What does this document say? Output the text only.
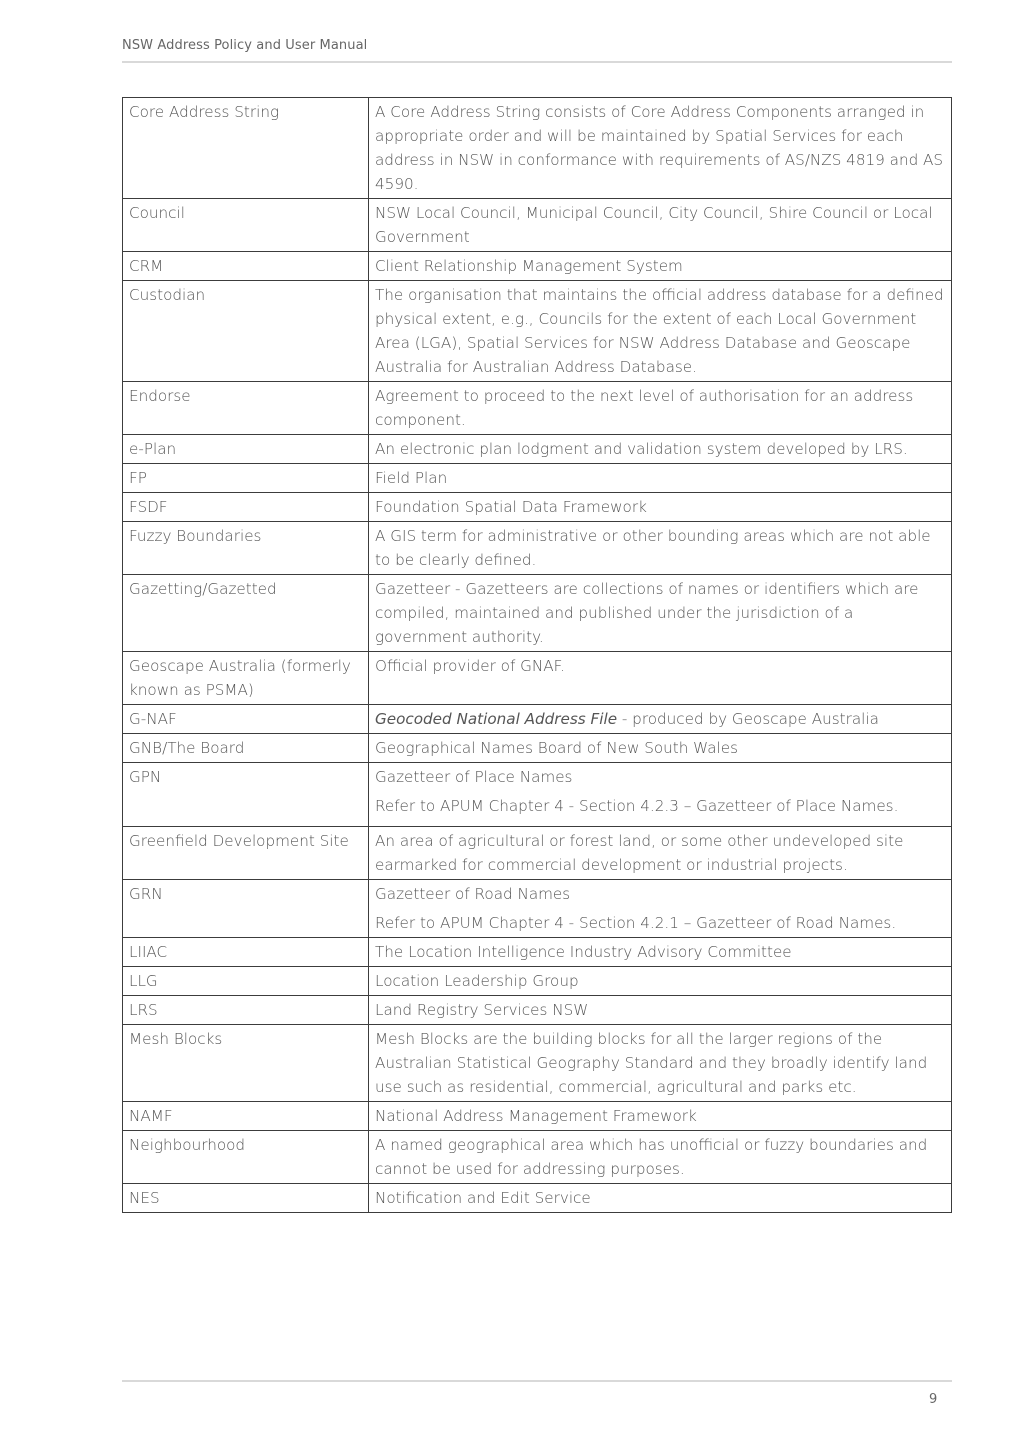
NSW Address Policy and User Manual
Core Address String	A Core Address String consists of Core Address Components arranged in appropriate order and will be maintained by Spatial Services for each address in NSW in conformance with requirements of AS/NZS 4819 and AS 4590.

Council	NSW Local Council, Municipal Council, City Council, Shire Council or Local Government

CRM	Client Relationship Management System

Custodian	The organisation that maintains the official address database for a defined physical extent, e.g., Councils for the extent of each Local Government Area (LGA), Spatial Services for NSW Address Database and Geoscape Australia for Australian Address Database.

Endorse	Agreement to proceed to the next level of authorisation for an address component.

e-Plan	An electronic plan lodgment and validation system developed by LRS.

FP	Field Plan

FSDF	Foundation Spatial Data Framework

Fuzzy Boundaries	A GIS term for administrative or other bounding areas which are not able to be clearly defined.

Gazetting/Gazetted	Gazetteer - Gazetteers are collections of names or identifiers which are compiled, maintained and published under the jurisdiction of a government authority.

Geoscape Australia (formerly known as PSMA)	Official provider of GNAF.

G-NAF	Geocoded National Address File - produced by Geoscape Australia

GNB/The Board	Geographical Names Board of New South Wales

GPN	Gazetteer of Place Names

Refer to APUM Chapter 4 - Section 4.2.3 – Gazetteer of Place Names.

Greenfield Development Site	An area of agricultural or forest land, or some other undeveloped site earmarked for commercial development or industrial projects.

GRN	Gazetteer of Road Names

Refer to APUM Chapter 4 - Section 4.2.1 – Gazetteer of Road Names.

LIIAC	The Location Intelligence Industry Advisory Committee

LLG	Location Leadership Group

LRS	Land Registry Services NSW

Mesh Blocks	Mesh Blocks are the building blocks for all the larger regions of the Australian Statistical Geography Standard and they broadly identify land use such as residential, commercial, agricultural and parks etc.

NAMF	National Address Management Framework

Neighbourhood	A named geographical area which has unofficial or fuzzy boundaries and cannot be used for addressing purposes.

NES	Notification and Edit Service

9
